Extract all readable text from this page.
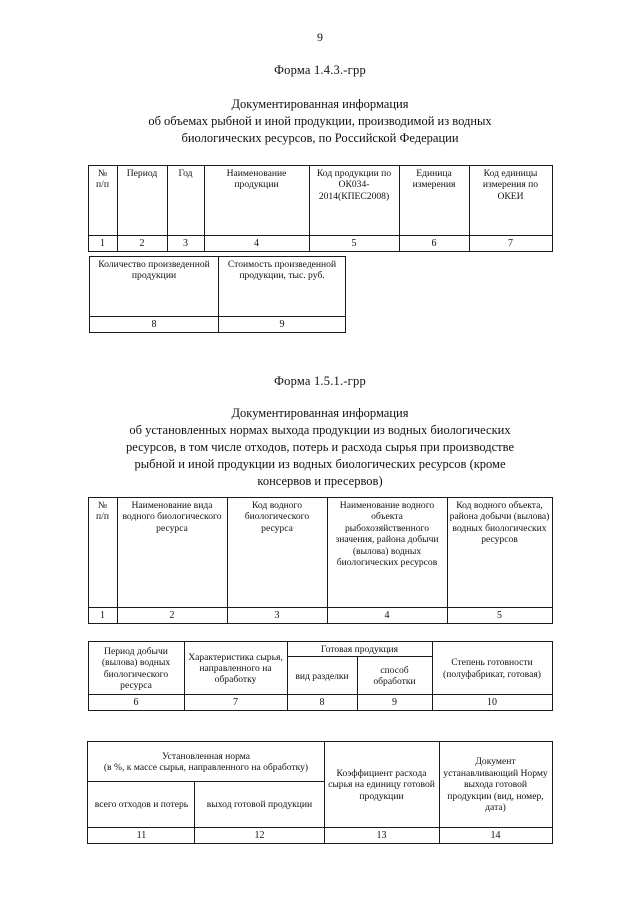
9
Форма 1.4.3.-грр
Документированная информация
об объемах рыбной и иной продукции, производимой из водных
биологических ресурсов, по Российской Федерации
№
п/п	Период	Год	Наименование продукции	Код продукции по ОК034-2014(КПЕС2008)	Единица измерения	Код единицы измерения по ОКЕИ
1	2	3	4	5	6	7
Количество произведенной продукции	Стоимость произведенной продукции, тыс. руб.
8	9
Форма 1.5.1.-грр
Документированная информация
об установленных нормах выхода продукции из водных биологических
ресурсов, в том числе отходов, потерь и расхода сырья при производстве
рыбной и иной продукции из водных биологических ресурсов (кроме
консервов и пресервов)
№
п/п	Наименование вида водного биологического ресурса	Код водного биологического ресурса	Наименование водного объекта рыбохозяйственного значения, района добычи (вылова) водных биологических ресурсов	Код водного объекта, района добычи (вылова) водных биологических ресурсов
1	2	3	4	5
Период добычи (вылова) водных биологического ресурса	Характеристика сырья, направленного на обработку	Готовая продукция		Степень готовности (полуфабрикат, готовая)
		вид разделки	способ обработки	
6	7	8	9	10
Установленная норма
(в %, к массе сырья, направленного на обработку)		Коэффициент расхода сырья на единицу готовой продукции	Документ устанавливающий Норму выхода готовой продукции (вид, номер, дата)
всего отходов и потерь	выход готовой продукции		
11	12	13	14
